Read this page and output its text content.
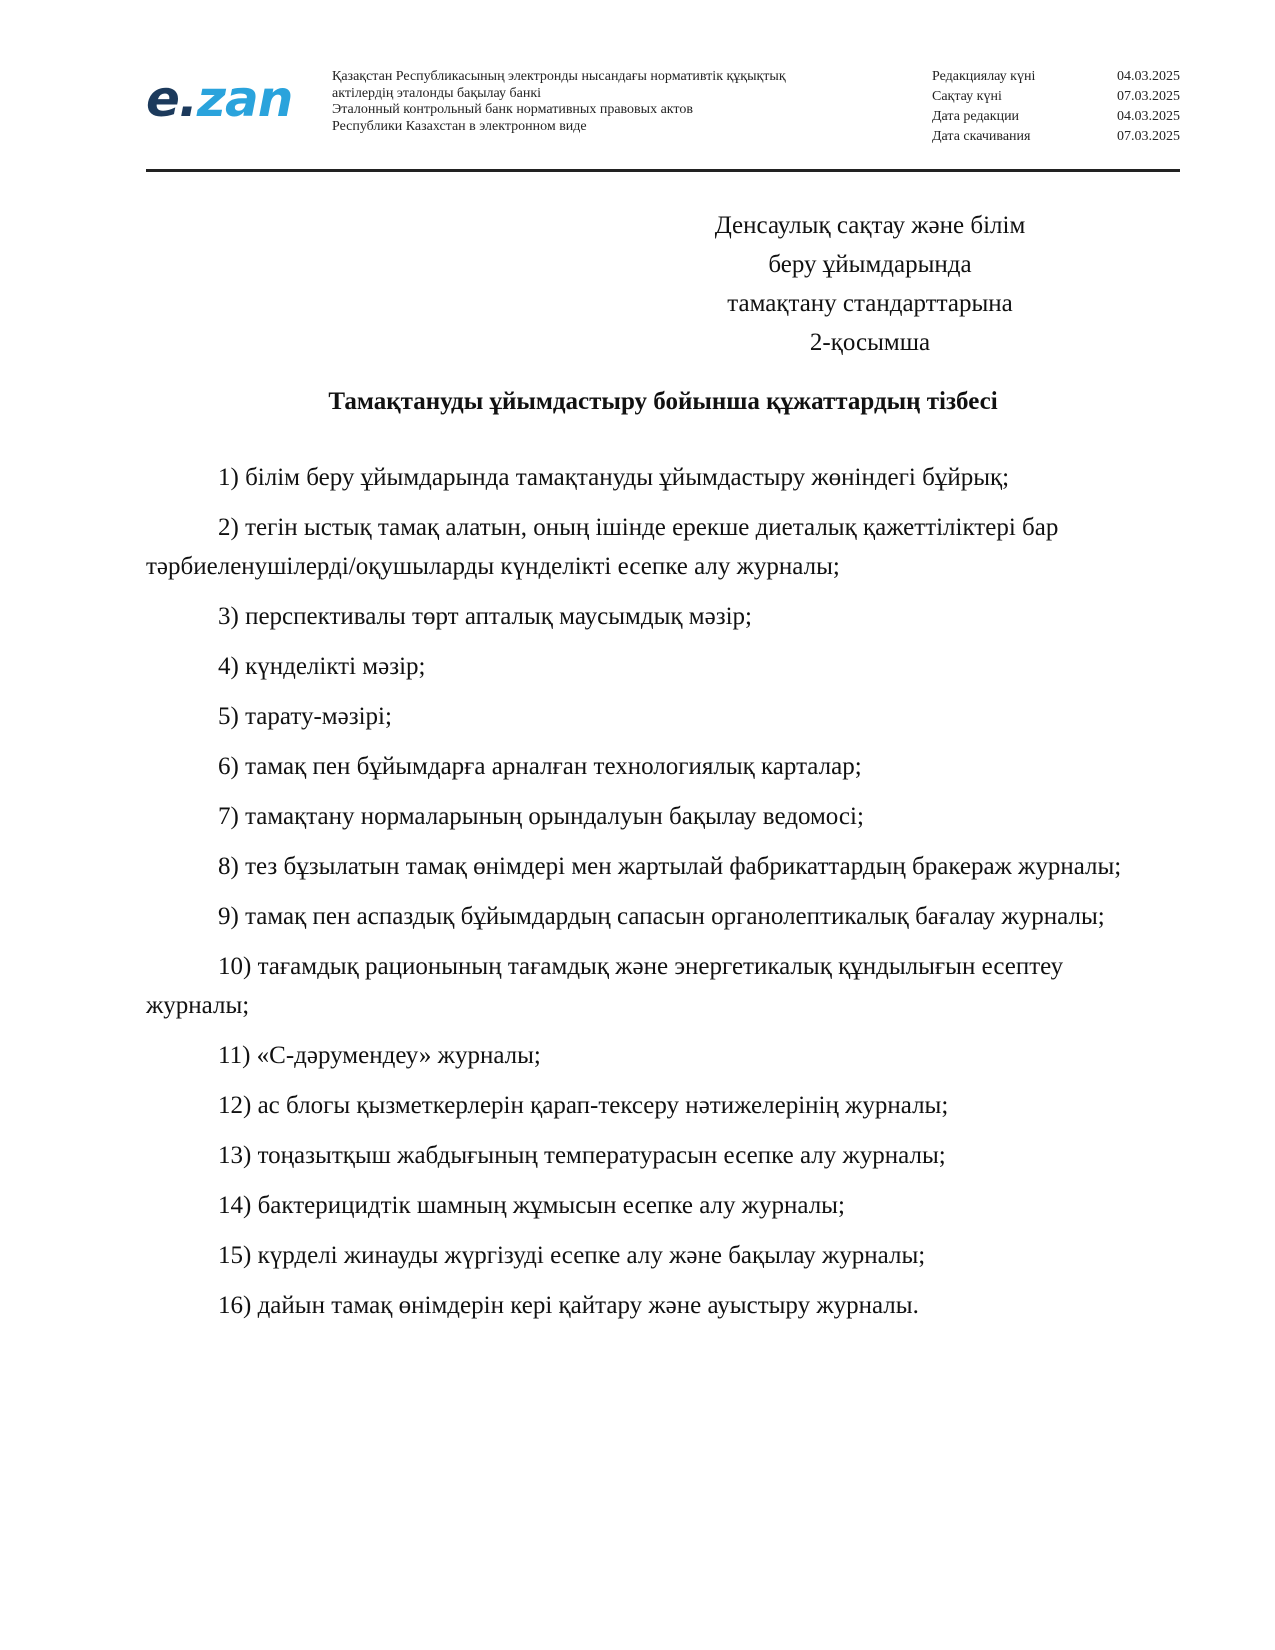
e.zan	Қазақстан Республикасының электронды нысандағы нормативтік құқықтық
актілердің эталонды бақылау банкі
Эталонный контрольный банк нормативных правовых актов
Республики Казахстан в электронном виде
Редакциялау күні	04.03.2025
Сақтау күні	07.03.2025
Дата редакции	04.03.2025
Дата скачивания	07.03.2025
Денсаулық сақтау және білім
беру ұйымдарында
тамақтану стандарттарына
2-қосымша
Тамақтануды ұйымдастыру бойынша құжаттардың тізбесі
1) білім беру ұйымдарында тамақтануды ұйымдастыру жөніндегі бұйрық;
2) тегін ыстық тамақ алатын, оның ішінде ерекше диеталық қажеттіліктері бар тәрбиеленушілерді/оқушыларды күнделікті есепке алу журналы;
3) перспективалы төрт апталық маусымдық мәзір;
4) күнделікті мәзір;
5) тарату-мәзірі;
6) тамақ пен бұйымдарға арналған технологиялық карталар;
7) тамақтану нормаларының орындалуын бақылау ведомосі;
8) тез бұзылатын тамақ өнімдері мен жартылай фабрикаттардың бракераж журналы;
9) тамақ пен аспаздық бұйымдардың сапасын органолептикалық бағалау журналы;
10) тағамдық рационының тағамдық және энергетикалық құндылығын есептеу журналы;
11) «С-дәрумендеу» журналы;
12) ас блогы қызметкерлерін қарап-тексеру нәтижелерінің журналы;
13) тоңазытқыш жабдығының температурасын есепке алу журналы;
14) бактерицидтік шамның жұмысын есепке алу журналы;
15) күрделі жинауды жүргізуді есепке алу және бақылау журналы;
16) дайын тамақ өнімдерін кері қайтару және ауыстыру журналы.
